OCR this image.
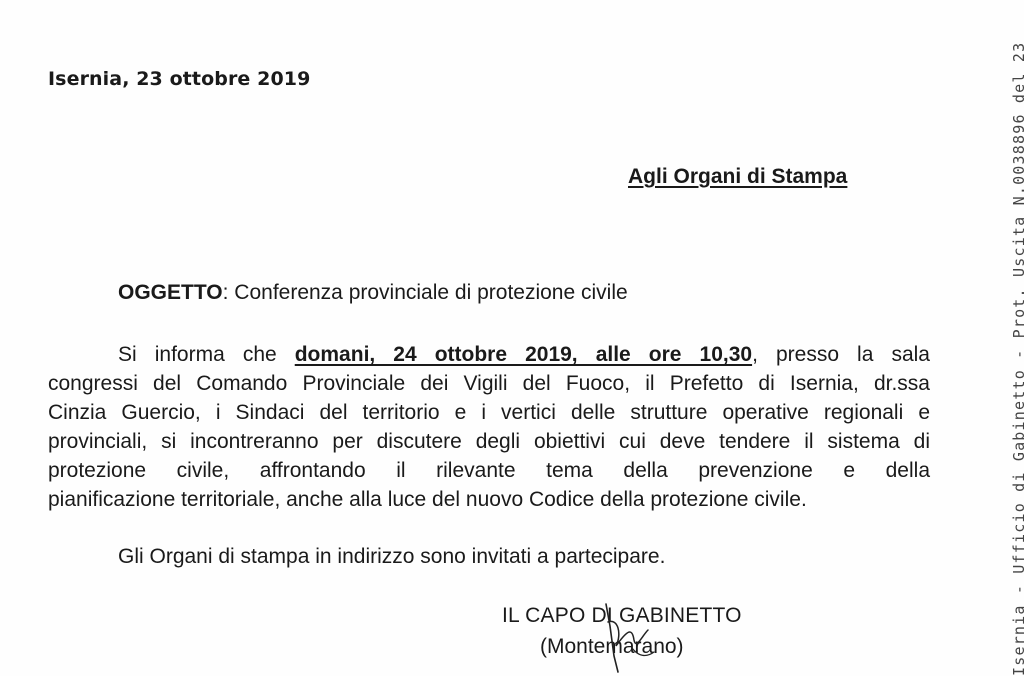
Isernia, 23 ottobre 2019
Agli Organi di Stampa
OGGETTO: Conferenza provinciale di protezione civile
Si informa che domani, 24 ottobre 2019, alle ore 10,30, presso la sala
congressi del Comando Provinciale dei Vigili del Fuoco, il Prefetto di Isernia, dr.ssa
Cinzia Guercio, i Sindaci del territorio e i vertici delle strutture operative regionali e
provinciali, si incontreranno per discutere degli obiettivi cui deve tendere il sistema di
protezione civile, affrontando il rilevante tema della prevenzione e della
pianificazione territoriale, anche alla luce del nuovo Codice della protezione civile.
Gli Organi di stampa in indirizzo sono invitati a partecipare.
IL CAPO DI GABINETTO
(Montemarano)	Isernia - Ufficio di Gabinetto - Prot. Uscita N.0038896 del 23
